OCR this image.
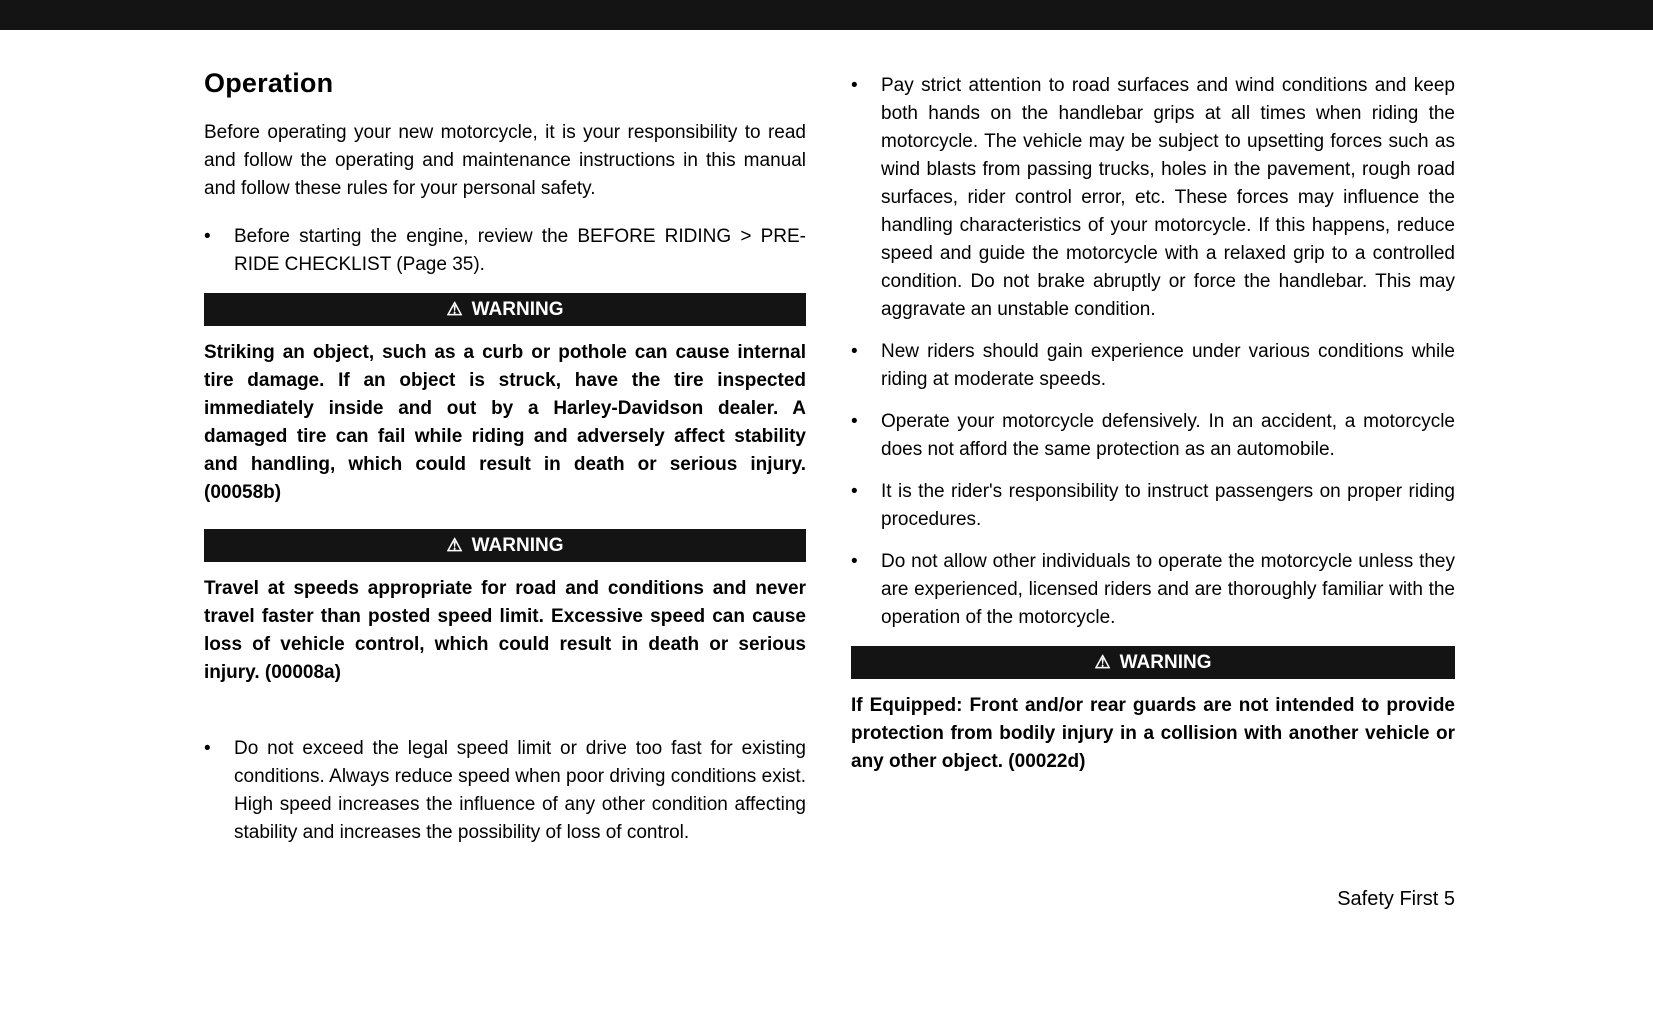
Operation

Before operating your new motorcycle, it is your responsibility to read and follow the operating and maintenance instructions in this manual and follow these rules for your personal safety.

•	Before starting the engine, review the BEFORE RIDING > PRE-RIDE CHECKLIST (Page 35).
⚠ WARNING

Striking an object, such as a curb or pothole can cause internal tire damage. If an object is struck, have the tire inspected immediately inside and out by a Harley-Davidson dealer. A damaged tire can fail while riding and adversely affect stability and handling, which could result in death or serious injury. (00058b)

⚠ WARNING

Travel at speeds appropriate for road and conditions and never travel faster than posted speed limit. Excessive speed can cause loss of vehicle control, which could result in death or serious injury. (00008a)

•	Do not exceed the legal speed limit or drive too fast for existing conditions. Always reduce speed when poor driving conditions exist. High speed increases the influence of any other condition affecting stability and increases the possibility of loss of control.
•	Pay strict attention to road surfaces and wind conditions and keep both hands on the handlebar grips at all times when riding the motorcycle. The vehicle may be subject to upsetting forces such as wind blasts from passing trucks, holes in the pavement, rough road surfaces, rider control error, etc. These forces may influence the handling characteristics of your motorcycle. If this happens, reduce speed and guide the motorcycle with a relaxed grip to a controlled condition. Do not brake abruptly or force the handlebar. This may aggravate an unstable condition.
•	New riders should gain experience under various conditions while riding at moderate speeds.
•	Operate your motorcycle defensively. In an accident, a motorcycle does not afford the same protection as an automobile.
•	It is the rider's responsibility to instruct passengers on proper riding procedures.
•	Do not allow other individuals to operate the motorcycle unless they are experienced, licensed riders and are thoroughly familiar with the operation of the motorcycle.
⚠ WARNING

If Equipped: Front and/or rear guards are not intended to provide protection from bodily injury in a collision with another vehicle or any other object. (00022d)

Safety First 5
